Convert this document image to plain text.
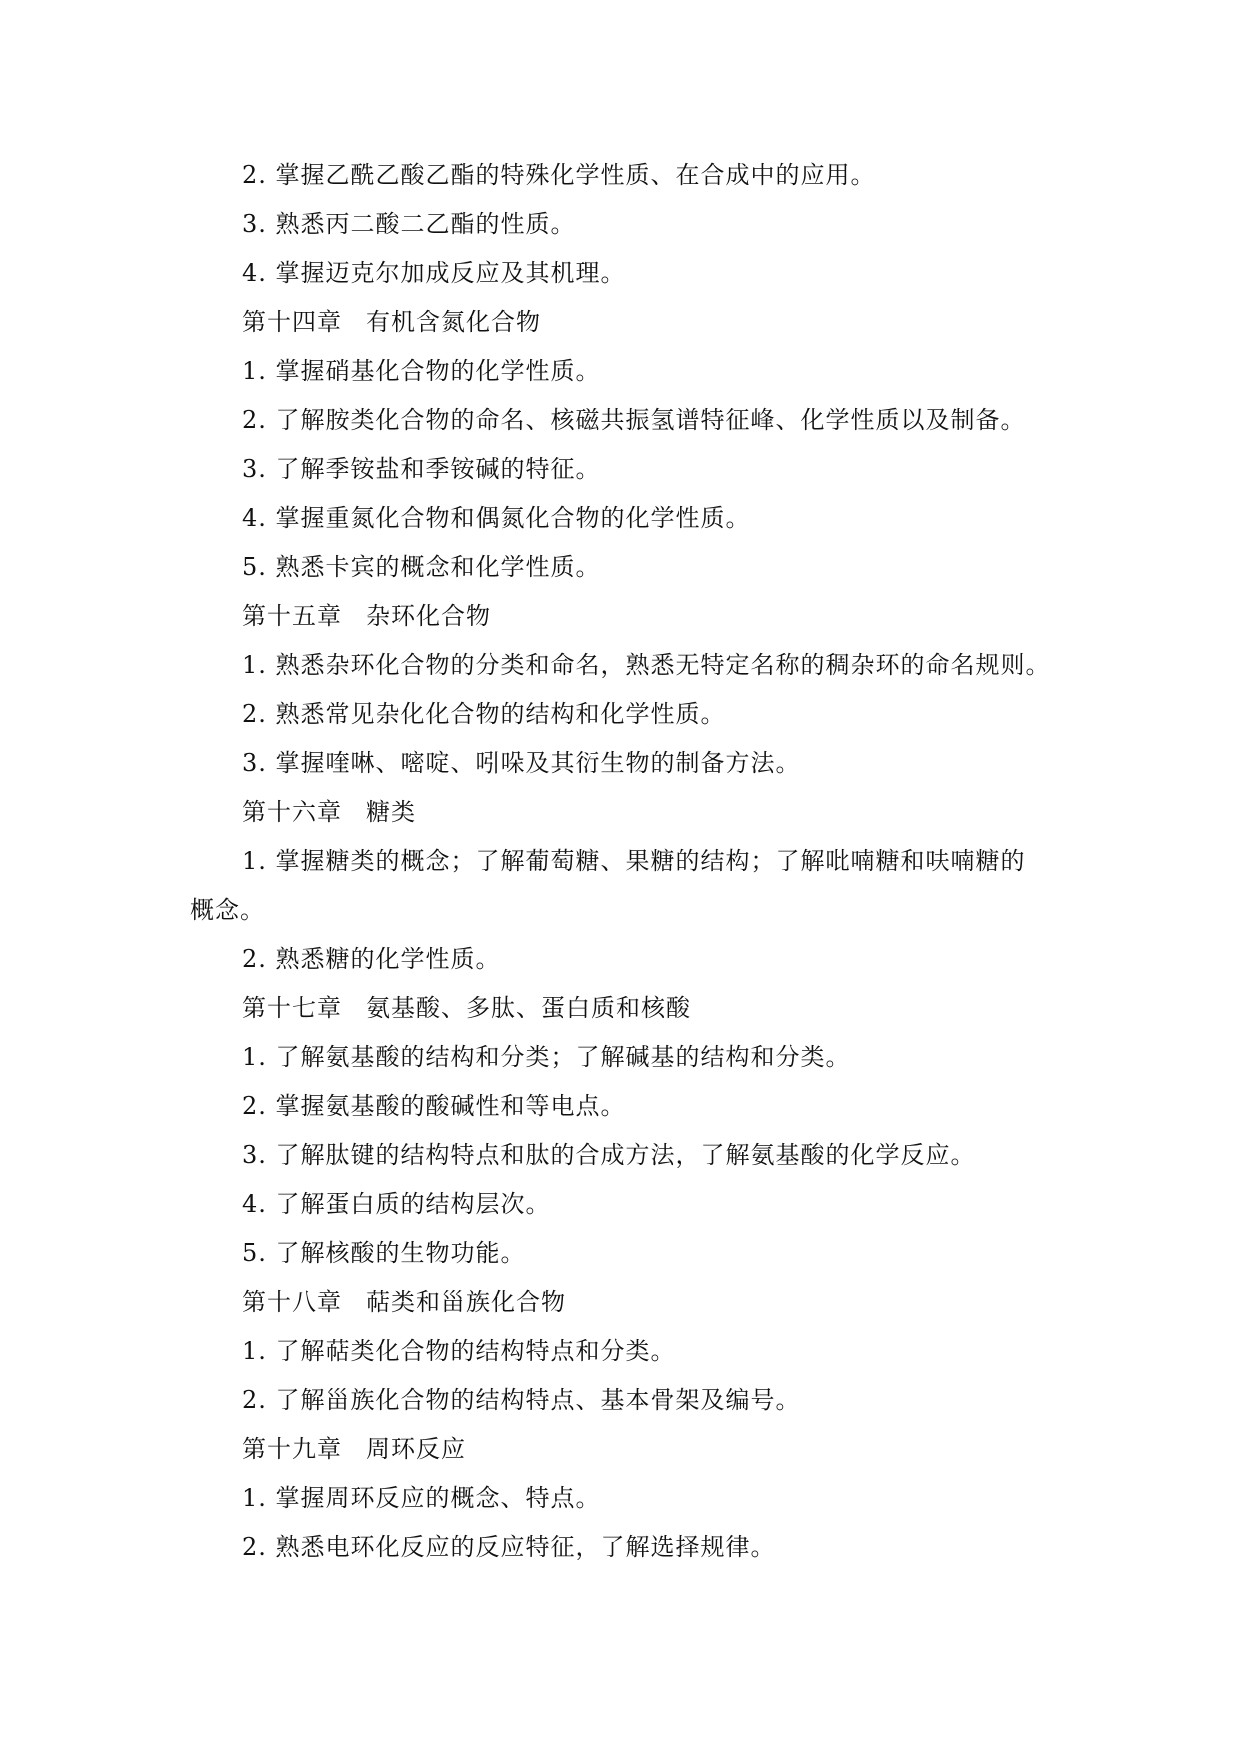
2. 掌握乙酰乙酸乙酯的特殊化学性质、在合成中的应用。
3. 熟悉丙二酸二乙酯的性质。
4. 掌握迈克尔加成反应及其机理。
第十四章 有机含氮化合物
1. 掌握硝基化合物的化学性质。
2. 了解胺类化合物的命名、核磁共振氢谱特征峰、化学性质以及制备。
3. 了解季铵盐和季铵碱的特征。
4. 掌握重氮化合物和偶氮化合物的化学性质。
5. 熟悉卡宾的概念和化学性质。
第十五章 杂环化合物
1. 熟悉杂环化合物的分类和命名，熟悉无特定名称的稠杂环的命名规则。
2. 熟悉常见杂化化合物的结构和化学性质。
3. 掌握喹啉、嘧啶、吲哚及其衍生物的制备方法。
第十六章 糖类
1. 掌握糖类的概念；了解葡萄糖、果糖的结构；了解吡喃糖和呋喃糖的
概念。
2. 熟悉糖的化学性质。
第十七章 氨基酸、多肽、蛋白质和核酸
1. 了解氨基酸的结构和分类；了解碱基的结构和分类。
2. 掌握氨基酸的酸碱性和等电点。
3. 了解肽键的结构特点和肽的合成方法，了解氨基酸的化学反应。
4. 了解蛋白质的结构层次。
5. 了解核酸的生物功能。
第十八章 萜类和甾族化合物
1. 了解萜类化合物的结构特点和分类。
2. 了解甾族化合物的结构特点、基本骨架及编号。
第十九章 周环反应
1. 掌握周环反应的概念、特点。
2. 熟悉电环化反应的反应特征，了解选择规律。
